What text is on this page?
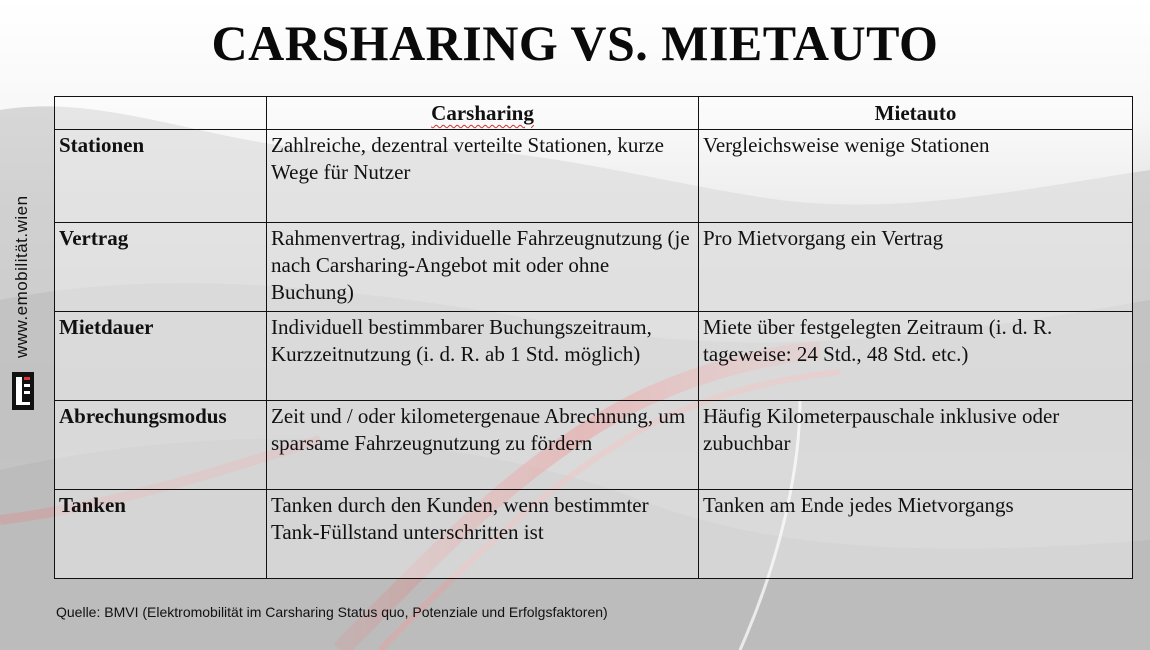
CARSHARING VS. MIETAUTO
www.emobilität.wien
	Carsharing	Mietauto
Stationen	Zahlreiche, dezentral verteilte Stationen, kurze Wege für Nutzer	Vergleichsweise wenige Stationen
Vertrag	Rahmenvertrag, individuelle Fahrzeugnutzung (je nach Carsharing-Angebot mit oder ohne Buchung)	Pro Mietvorgang ein Vertrag
Mietdauer	Individuell bestimmbarer Buchungszeitraum, Kurzzeitnutzung (i. d. R. ab 1 Std. möglich)	Miete über festgelegten Zeitraum (i. d. R. tageweise: 24 Std., 48 Std. etc.)
Abrechungsmodus	Zeit und / oder kilometergenaue Abrechnung, um sparsame Fahrzeugnutzung zu fördern	Häufig Kilometerpauschale inklusive oder zubuchbar
Tanken	Tanken durch den Kunden, wenn bestimmter Tank-Füllstand unterschritten ist	Tanken am Ende jedes Mietvorgangs
Quelle: BMVI (Elektromobilität im Carsharing Status quo, Potenziale und Erfolgsfaktoren)
